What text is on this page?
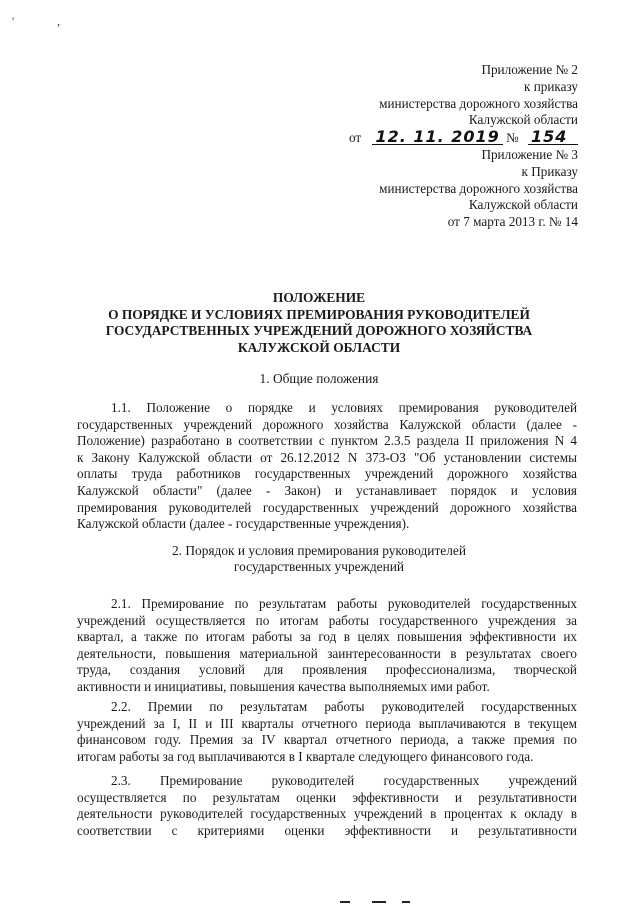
' ,
Приложение № 2
к приказу
министерства дорожного хозяйства
Калужской области
от 12. 11. 2019 № 154
Приложение № 3
к Приказу
министерства дорожного хозяйства
Калужской области
от 7 марта 2013 г. № 14
ПОЛОЖЕНИЕ
О ПОРЯДКЕ И УСЛОВИЯХ ПРЕМИРОВАНИЯ РУКОВОДИТЕЛЕЙ
ГОСУДАРСТВЕННЫХ УЧРЕЖДЕНИЙ ДОРОЖНОГО ХОЗЯЙСТВА
КАЛУЖСКОЙ ОБЛАСТИ
1. Общие положения
1.1. Положение о порядке и условиях премирования руководителей
государственных учреждений дорожного хозяйства Калужской области (далее -
Положение) разработано в соответствии с пунктом 2.3.5 раздела II приложения N 4
к Закону Калужской области от 26.12.2012 N 373-ОЗ "Об установлении системы
оплаты труда работников государственных учреждений дорожного хозяйства
Калужской области" (далее - Закон) и устанавливает порядок и условия
премирования руководителей государственных учреждений дорожного хозяйства
Калужской области (далее - государственные учреждения).
2. Порядок и условия премирования руководителей
государственных учреждений
2.1. Премирование по результатам работы руководителей государственных
учреждений осуществляется по итогам работы государственного учреждения за
квартал, а также по итогам работы за год в целях повышения эффективности их
деятельности, повышения материальной заинтересованности в результатах своего
труда, создания условий для проявления профессионализма, творческой
активности и инициативы, повышения качества выполняемых ими работ.
2.2. Премии по результатам работы руководителей государственных
учреждений за I, II и III кварталы отчетного периода выплачиваются в текущем
финансовом году. Премия за IV квартал отчетного периода, а также премия по
итогам работы за год выплачиваются в I квартале следующего финансового года.
2.3. Премирование руководителей государственных учреждений
осуществляется по результатам оценки эффективности и результативности
деятельности руководителей государственных учреждений в процентах к окладу в
соответствии с критериями оценки эффективности и результативности
